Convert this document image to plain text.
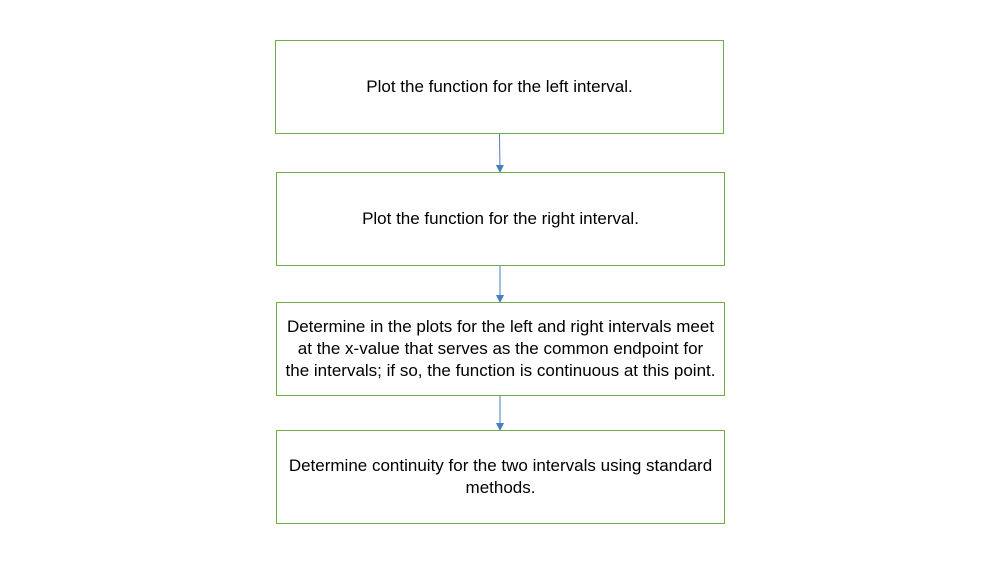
Plot the function for the left interval.
Plot the function for the right interval.
Determine in the plots for the left and right intervals meet at the x-value that serves as the common endpoint for the intervals; if so, the function is continuous at this point.
Determine continuity for the two intervals using standard methods.
